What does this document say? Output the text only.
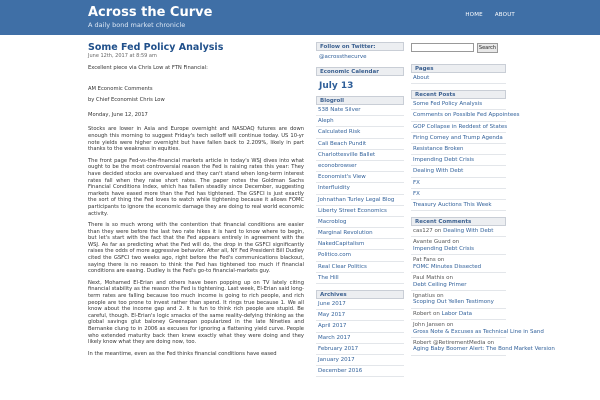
Across the Curve
A daily bond market chronicle
HOME ABOUT
Some Fed Policy Analysis
June 12th, 2017 at 8:59 am

Excellent piece via Chris Low at FTN Financial:

AM Economic Comments

by Chief Economist Chris Low

Monday, June 12, 2017

Stocks are lower in Asia and Europe overnight and NASDAQ futures are down enough this morning to suggest Friday's tech selloff will continue today. US 10-yr note yields were higher overnight but have fallen back to 2.209%, likely in part thanks to the weakness in equities.

The front page Fed-vs-the-financial markets article in today's WSJ dives into what ought to be the most controversial reason the Fed is raising rates this year: They have decided stocks are overvalued and they can't stand when long-term interest rates fall when they raise short rates. The paper notes the Goldman Sachs Financial Conditions Index, which has fallen steadily since December, suggesting markets have eased more than the Fed has tightened. The GSFCI is just exactly the sort of thing the Fed loves to watch while tightening because it allows FOMC participants to ignore the economic damage they are doing to real world economic activity.

There is so much wrong with the contention that financial conditions are easier than they were before the last two rate hikes it is hard to know where to begin, but let's start with the fact that the Fed appears entirely in agreement with the WSJ. As far as predicting what the Fed will do, the drop in the GSFCI significantly raises the odds of more aggressive behavior. After all, NY Fed President Bill Dudley cited the GSFCI two weeks ago, right before the Fed's communications blackout, saying there is no reason to think the Fed has tightened too much if financial conditions are easing. Dudley is the Fed's go-to financial-markets guy.

Next, Mohamed El-Erian and others have been popping up on TV lately citing financial stability as the reason the Fed is tightening. Last week, El-Erian said long-term rates are falling because too much income is going to rich people, and rich people are too prone to invest rather than spend. It rings true because 1. We all know about the income gap and 2. It is fun to think rich people are stupid. Be careful, though. El-Erian's logic smacks of the same reality-defying thinking as the global savings glut baloney Greenspan popularized in the late Nineties and Bernanke clung to in 2006 as excuses for ignoring a flattening yield curve. People who extended maturity back then knew exactly what they were doing and they likely know what they are doing now, too.

In the meantime, even as the Fed thinks financial conditions have eased

Follow on Twitter:
@acrossthecurve
Economic Calendar
July 13
Blogroll
538 Nate Silver
Aleph
Calculated Risk
Cali Beach Pundit
Charlottesville Ballet
econobrowser
Economist's View
Interfluidity
Johnathan Turley Legal Blog
Liberty Street Economics
Macroblog
Marginal Revolution
NakedCapitalism
Politico.com
Real Clear Politics
The Hill
Archives
June 2017
May 2017
April 2017
March 2017
February 2017
January 2017
December 2016
Search
Pages
About
Recent Posts
Some Fed Policy Analysis
Comments on Possible Fed Appointees
GOP Collapse in Reddest of States
Firing Comey and Trump Agenda
Resistance Broken
Impending Debt Crisis
Dealing With Debt
FX
FX
Treasury Auctions This Week
Recent Comments
cas127 on Dealing With Debt
Avante Guard on Impending Debt Crisis
Pat Fans on FOMC Minutes Dissected
Paul Mathis on Debt Ceiling Primer
Ignatius on Scoping Out Yellen Testimony
Robert on Labor Data
John Jansen on Gross Note & Excuses as Technical Line in Sand
Robert @RetirementMedia on Aging Baby Boomer Alert: The Bond Market Version
